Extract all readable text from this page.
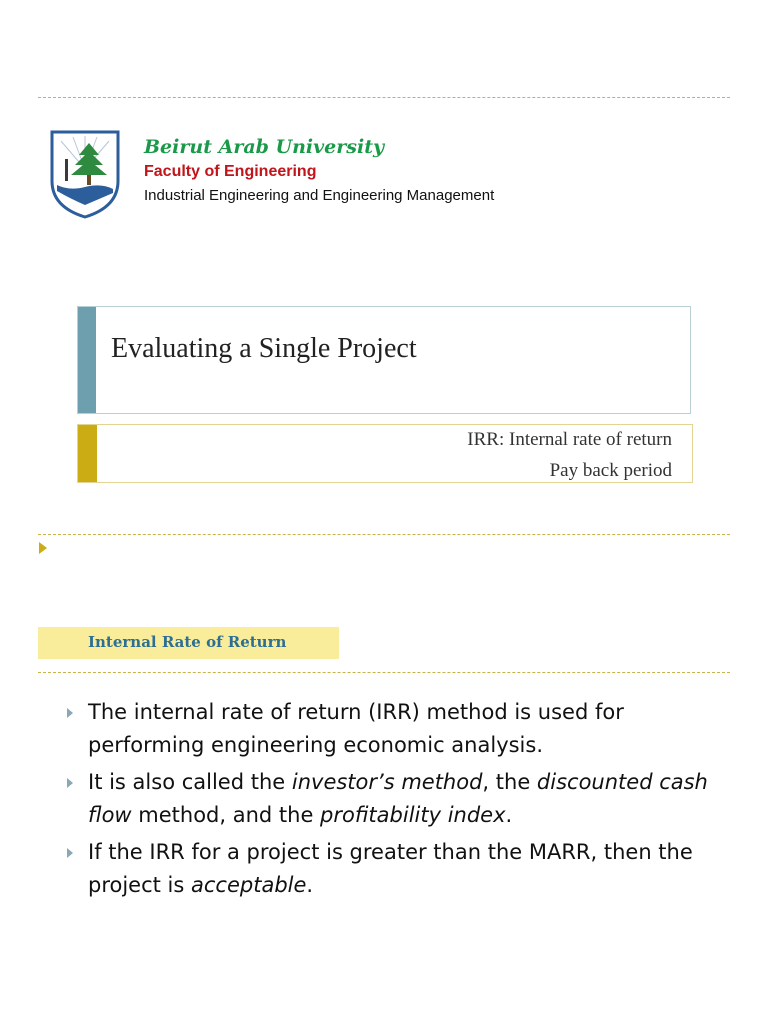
Beirut Arab University
Faculty of Engineering
Industrial Engineering and Engineering Management
Evaluating a Single Project
IRR: Internal rate of return
Pay back period
Internal Rate of Return
The internal rate of return (IRR) method is used for performing engineering economic analysis.
It is also called the investor’s method, the discounted cash flow method, and the profitability index.
If the IRR for a project is greater than the MARR, then the project is acceptable.
